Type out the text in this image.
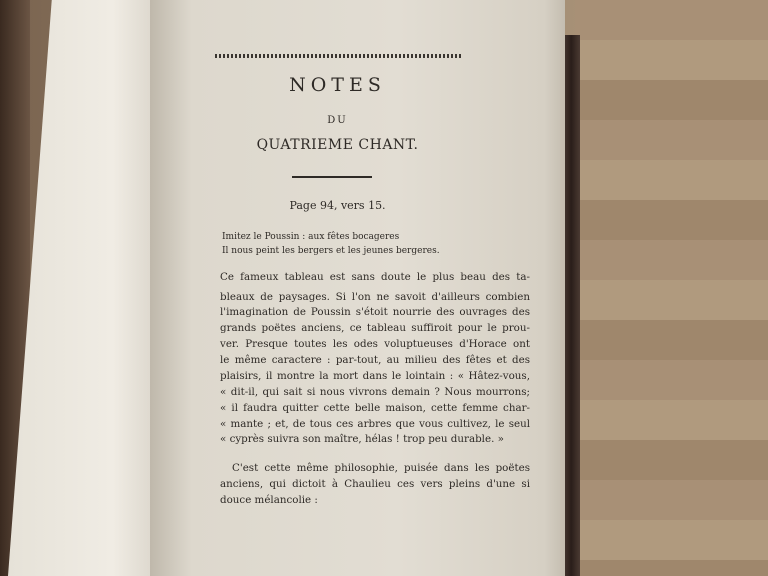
NOTES
DU
QUATRIEME CHANT.
Page 94, vers 15.
Imitez le Poussin : aux fêtes bocageres
Il nous peint les bergers et les jeunes bergeres.
Ce fameux tableau est sans doute le plus beau des ta-
bleaux de paysages. Si l'on ne savoit d'ailleurs combien
l'imagination de Poussin s'étoit nourrie des ouvrages des
grands poëtes anciens, ce tableau suffiroit pour le prou-
ver. Presque toutes les odes voluptueuses d'Horace ont
le même caractere : par-tout, au milieu des fêtes et des
plaisirs, il montre la mort dans le lointain : « Hâtez-vous,
« dit-il, qui sait si nous vivrons demain ? Nous mourrons;
« il faudra quitter cette belle maison, cette femme char-
« mante ; et, de tous ces arbres que vous cultivez, le seul
« cyprès suivra son maître, hélas ! trop peu durable. »
C'est cette même philosophie, puisée dans les poëtes
anciens, qui dictoit à Chaulieu ces vers pleins d'une si
douce mélancolie :
